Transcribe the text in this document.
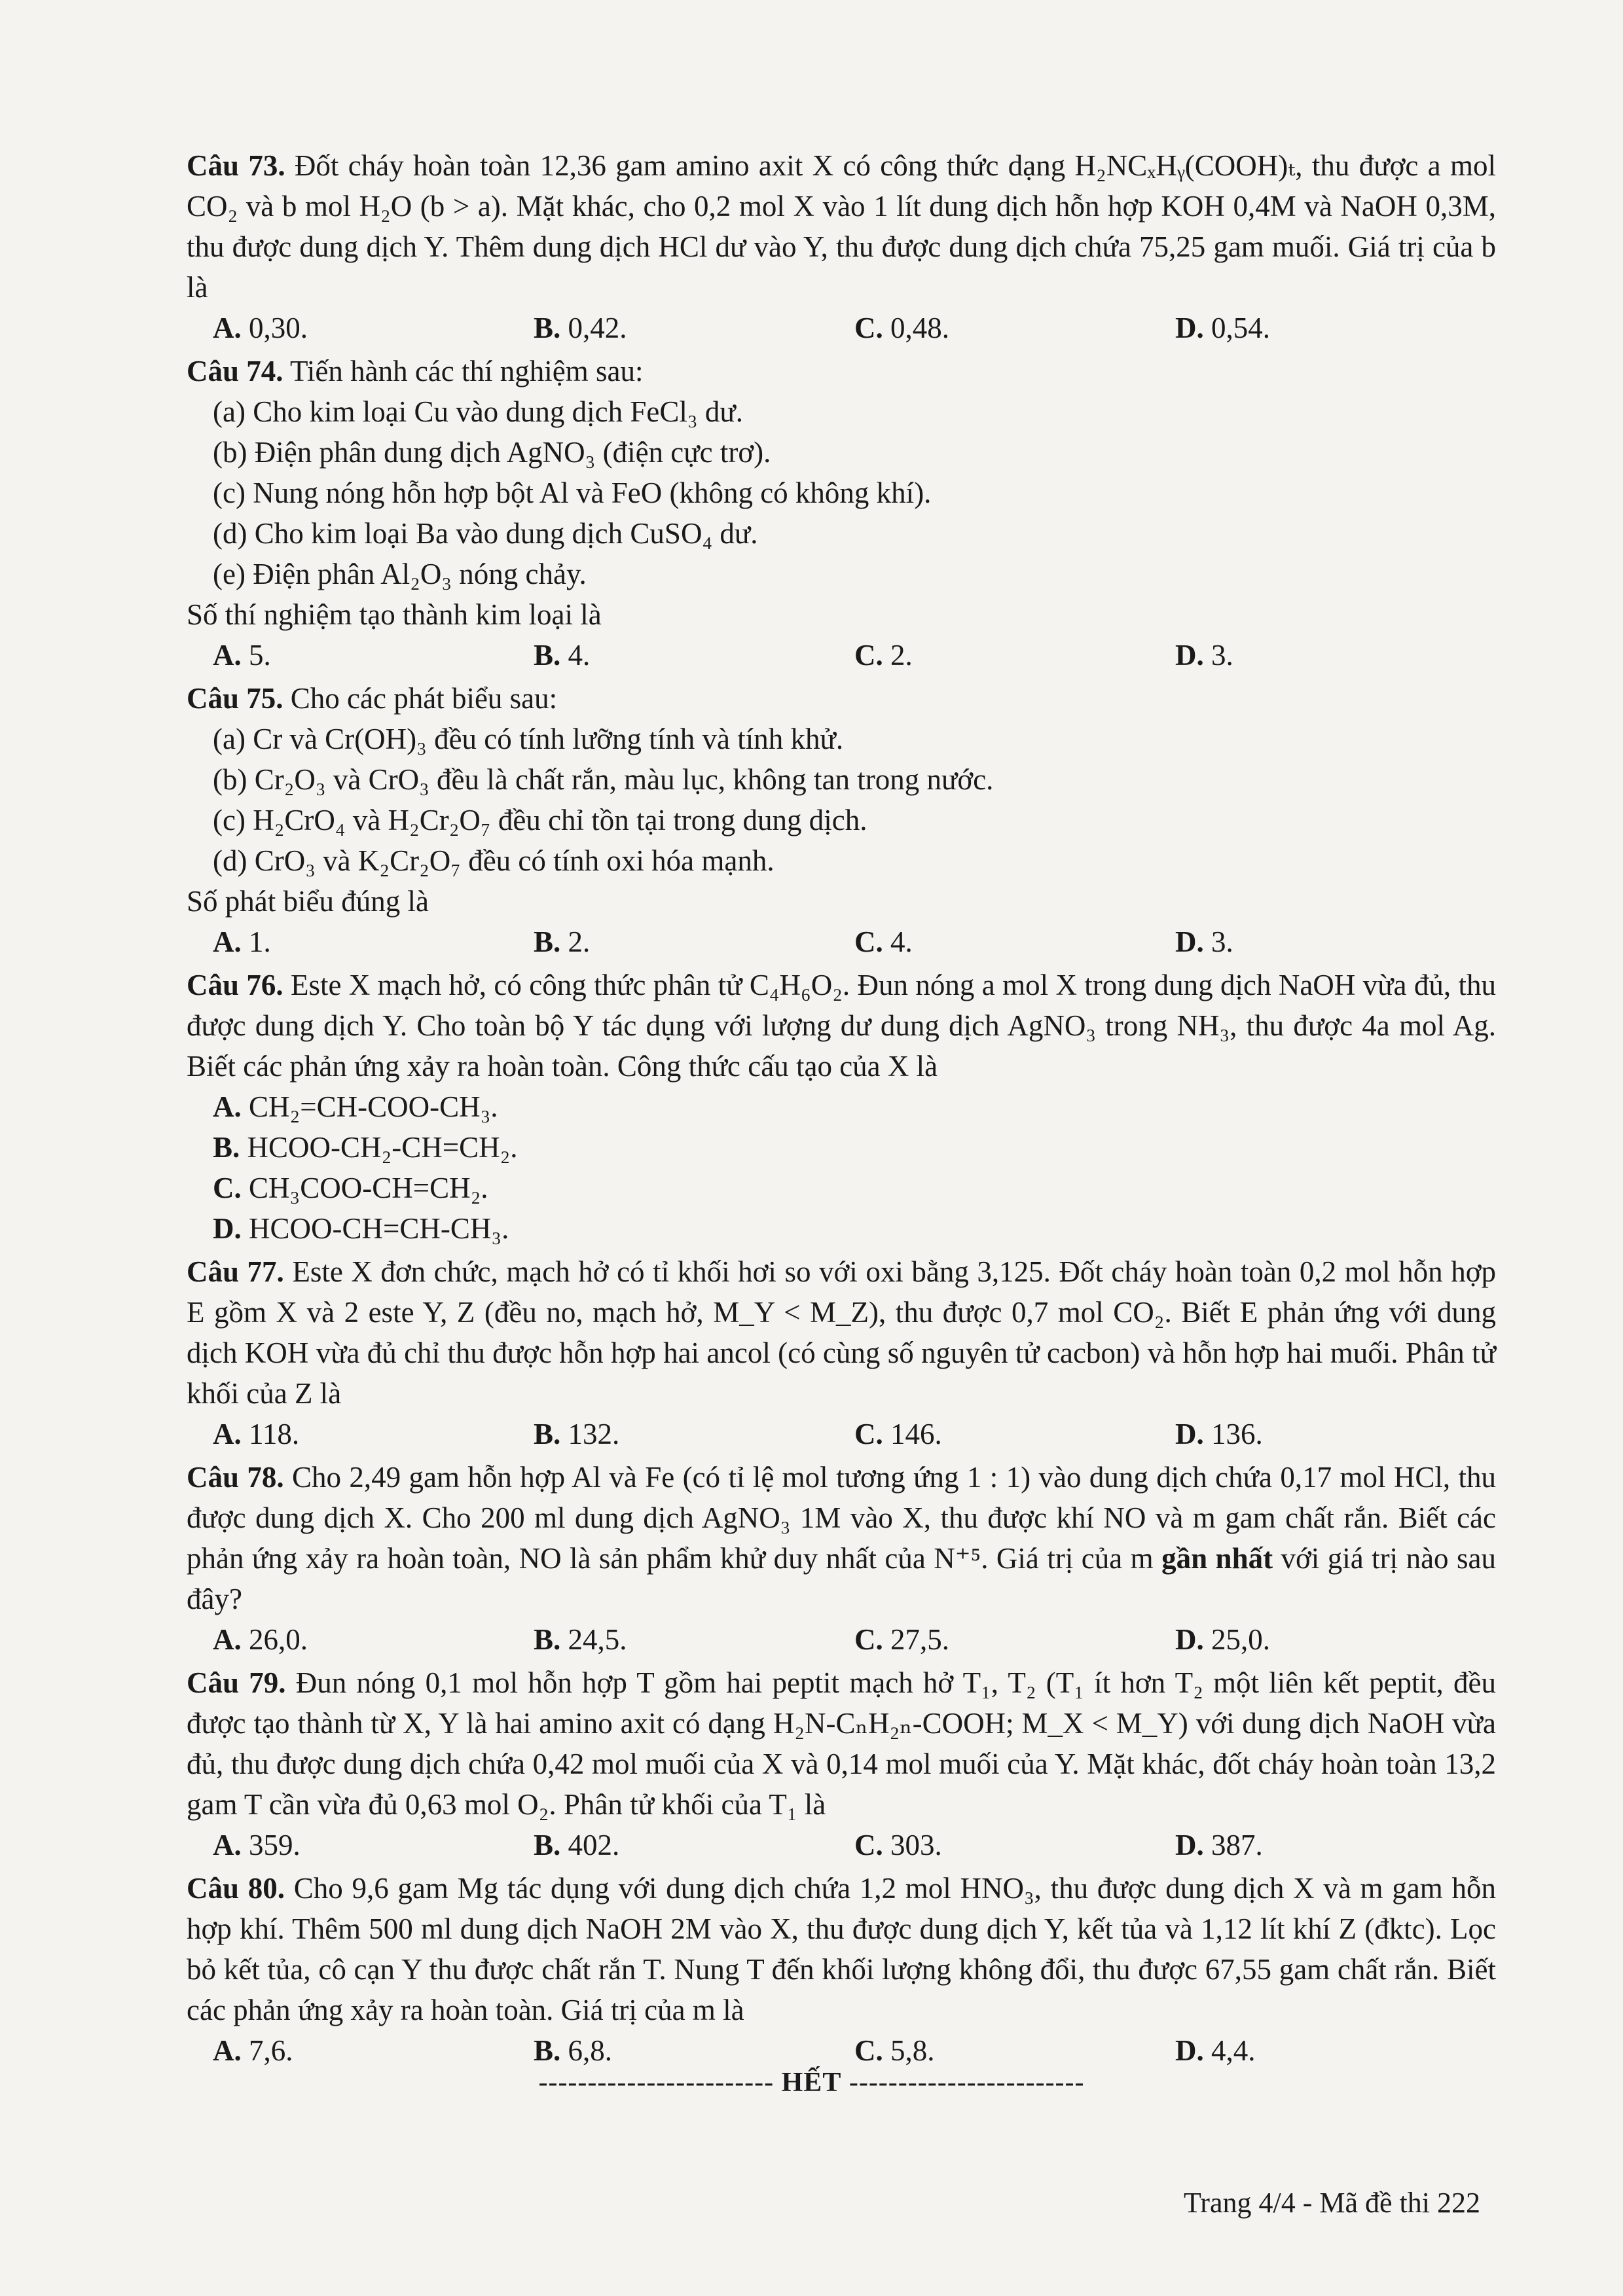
Câu 73. Đốt cháy hoàn toàn 12,36 gam amino axit X có công thức dạng H₂NCₓHᵧ(COOH)ₜ, thu được a mol CO₂ và b mol H₂O (b > a). Mặt khác, cho 0,2 mol X vào 1 lít dung dịch hỗn hợp KOH 0,4M và NaOH 0,3M, thu được dung dịch Y. Thêm dung dịch HCl dư vào Y, thu được dung dịch chứa 75,25 gam muối. Giá trị của b là

A. 0,30.	B. 0,42.	C. 0,48.	D. 0,54.

Câu 74. Tiến hành các thí nghiệm sau:

(a) Cho kim loại Cu vào dung dịch FeCl₃ dư.

(b) Điện phân dung dịch AgNO₃ (điện cực trơ).

(c) Nung nóng hỗn hợp bột Al và FeO (không có không khí).

(d) Cho kim loại Ba vào dung dịch CuSO₄ dư.

(e) Điện phân Al₂O₃ nóng chảy.

Số thí nghiệm tạo thành kim loại là

A. 5.	B. 4.	C. 2.	D. 3.

Câu 75. Cho các phát biểu sau:

(a) Cr và Cr(OH)₃ đều có tính lưỡng tính và tính khử.

(b) Cr₂O₃ và CrO₃ đều là chất rắn, màu lục, không tan trong nước.

(c) H₂CrO₄ và H₂Cr₂O₇ đều chỉ tồn tại trong dung dịch.

(d) CrO₃ và K₂Cr₂O₇ đều có tính oxi hóa mạnh.

Số phát biểu đúng là

A. 1.	B. 2.	C. 4.	D. 3.

Câu 76. Este X mạch hở, có công thức phân tử C₄H₆O₂. Đun nóng a mol X trong dung dịch NaOH vừa đủ, thu được dung dịch Y. Cho toàn bộ Y tác dụng với lượng dư dung dịch AgNO₃ trong NH₃, thu được 4a mol Ag. Biết các phản ứng xảy ra hoàn toàn. Công thức cấu tạo của X là

A. CH₂=CH-COO-CH₃.
B. HCOO-CH₂-CH=CH₂.
C. CH₃COO-CH=CH₂.
D. HCOO-CH=CH-CH₃.

Câu 77. Este X đơn chức, mạch hở có tỉ khối hơi so với oxi bằng 3,125. Đốt cháy hoàn toàn 0,2 mol hỗn hợp E gồm X và 2 este Y, Z (đều no, mạch hở, M_Y < M_Z), thu được 0,7 mol CO₂. Biết E phản ứng với dung dịch KOH vừa đủ chỉ thu được hỗn hợp hai ancol (có cùng số nguyên tử cacbon) và hỗn hợp hai muối. Phân tử khối của Z là

A. 118.	B. 132.	C. 146.	D. 136.

Câu 78. Cho 2,49 gam hỗn hợp Al và Fe (có tỉ lệ mol tương ứng 1 : 1) vào dung dịch chứa 0,17 mol HCl, thu được dung dịch X. Cho 200 ml dung dịch AgNO₃ 1M vào X, thu được khí NO và m gam chất rắn. Biết các phản ứng xảy ra hoàn toàn, NO là sản phẩm khử duy nhất của N⁺⁵. Giá trị của m gần nhất với giá trị nào sau đây?

A. 26,0.	B. 24,5.	C. 27,5.	D. 25,0.

Câu 79. Đun nóng 0,1 mol hỗn hợp T gồm hai peptit mạch hở T₁, T₂ (T₁ ít hơn T₂ một liên kết peptit, đều được tạo thành từ X, Y là hai amino axit có dạng H₂N-CₙH₂ₙ-COOH; M_X < M_Y) với dung dịch NaOH vừa đủ, thu được dung dịch chứa 0,42 mol muối của X và 0,14 mol muối của Y. Mặt khác, đốt cháy hoàn toàn 13,2 gam T cần vừa đủ 0,63 mol O₂. Phân tử khối của T₁ là

A. 359.	B. 402.	C. 303.	D. 387.

Câu 80. Cho 9,6 gam Mg tác dụng với dung dịch chứa 1,2 mol HNO₃, thu được dung dịch X và m gam hỗn hợp khí. Thêm 500 ml dung dịch NaOH 2M vào X, thu được dung dịch Y, kết tủa và 1,12 lít khí Z (đktc). Lọc bỏ kết tủa, cô cạn Y thu được chất rắn T. Nung T đến khối lượng không đổi, thu được 67,55 gam chất rắn. Biết các phản ứng xảy ra hoàn toàn. Giá trị của m là

A. 7,6.	B. 6,8.	C. 5,8.	D. 4,4.
------------------------ HẾT ------------------------
Trang 4/4 - Mã đề thi 222
